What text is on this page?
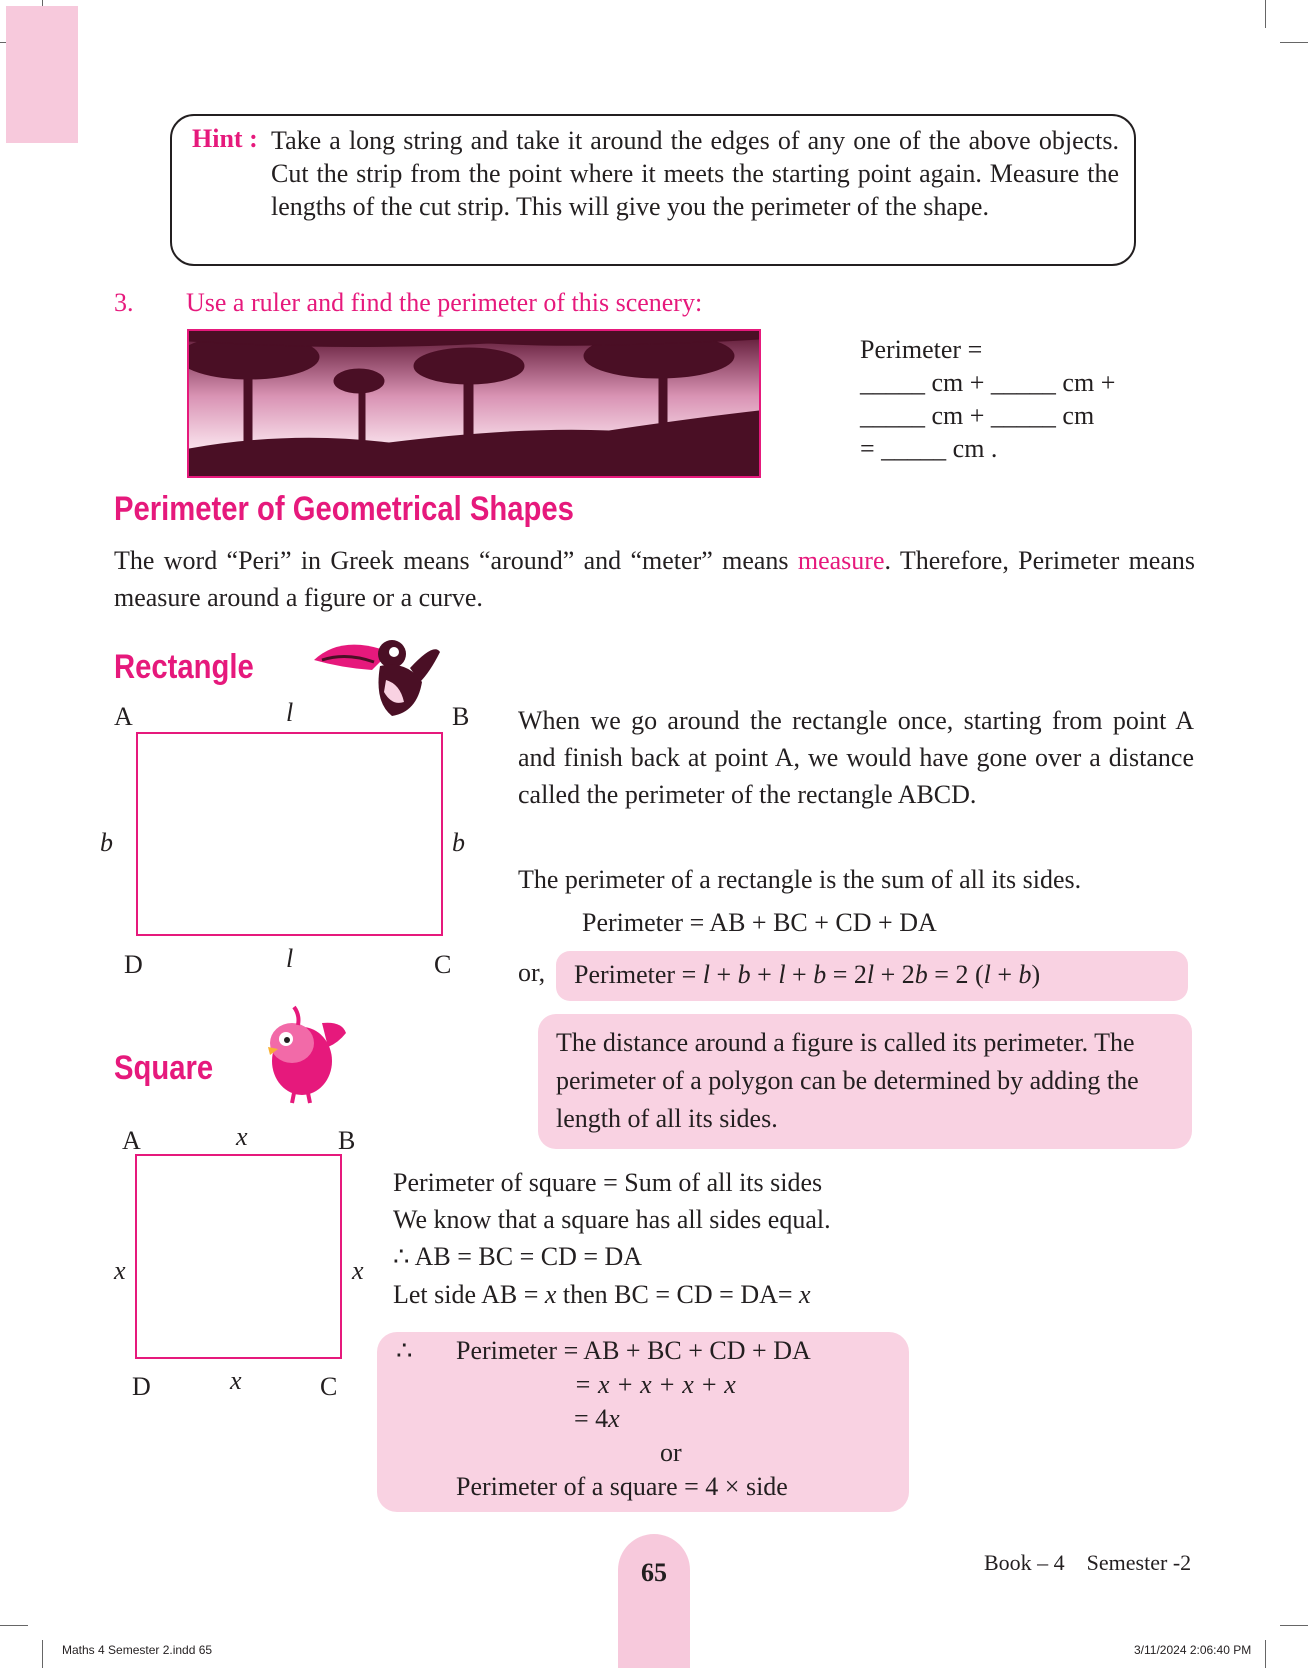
Hint : Take a long string and take it around the edges of any one of the above objects. Cut the strip from the point where it meets the starting point again. Measure the lengths of the cut strip. This will give you the perimeter of the shape.
3. Use a ruler and find the perimeter of this scenery:
Perimeter =
_____ cm + _____ cm +
_____ cm + _____ cm
= _____ cm .
Perimeter of Geometrical Shapes
The word “Peri” in Greek means “around” and “meter” means measure. Therefore, Perimeter means measure around a figure or a curve.
Rectangle
A	l	B
b	b
D	l	C
When we go around the rectangle once, starting from point A and finish back at point A, we would have gone over a distance called the perimeter of the rectangle ABCD.
The perimeter of a rectangle is the sum of all its sides.
Perimeter = AB + BC + CD + DA
or, Perimeter = l + b + l + b = 2l + 2b = 2 (l + b)
The distance around a figure is called its perimeter. The perimeter of a polygon can be determined by adding the length of all its sides.
Square
A	x	B
x	x
D	x	C
Perimeter of square = Sum of all its sides
We know that a square has all sides equal.
∴ AB = BC = CD = DA
Let side AB = x then BC = CD = DA= x
∴ Perimeter = AB + BC + CD + DA
= x + x + x + x
= 4x
or
Perimeter of a square = 4 × side
65	Book – 4    Semester -2
Maths 4 Semester 2.indd 65	3/11/2024 2:06:40 PM
